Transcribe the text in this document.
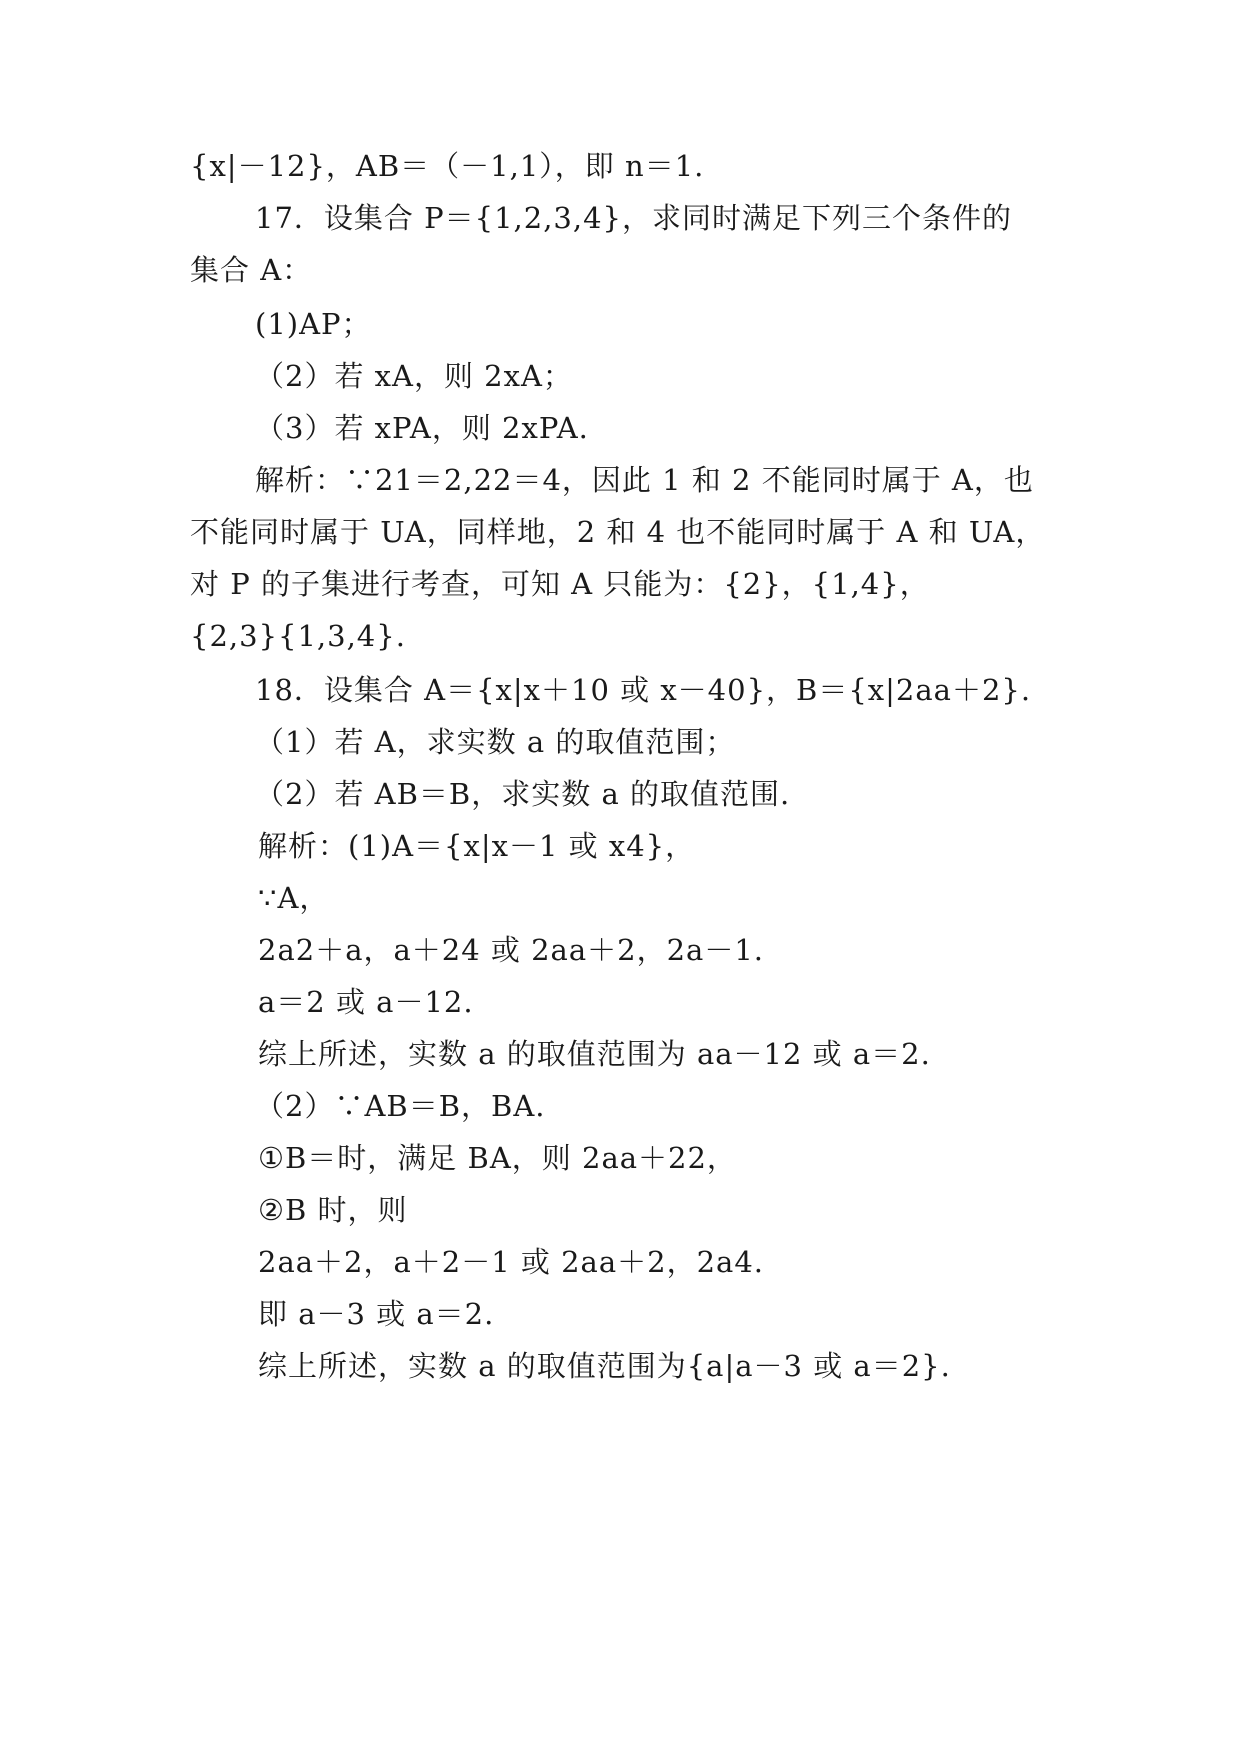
{x|－12}，AB＝（－1,1），即 n＝1.
17．设集合 P＝{1,2,3,4}，求同时满足下列三个条件的
集合 A：
(1)AP；
（2）若 xA，则 2xA；
（3）若 xPA，则 2xPA.
解析：∵21＝2,22＝4，因此 1 和 2 不能同时属于 A，也
不能同时属于 UA，同样地，2 和 4 也不能同时属于 A 和 UA，
对 P 的子集进行考查，可知 A 只能为：{2}，{1,4}，
{2,3}{1,3,4}.
18．设集合 A＝{x|x＋10 或 x－40}，B＝{x|2aa＋2}.
（1）若 A，求实数 a 的取值范围；
（2）若 AB＝B，求实数 a 的取值范围.
解析：(1)A＝{x|x－1 或 x4}，
∵A，
2a2＋a，a＋24 或 2aa＋2，2a－1.
a＝2 或 a－12.
综上所述，实数 a 的取值范围为 aa－12 或 a＝2.
（2）∵AB＝B，BA.
①B＝时，满足 BA，则 2aa＋22，
②B 时，则
2aa＋2，a＋2－1 或 2aa＋2，2a4.
即 a－3 或 a＝2.
综上所述，实数 a 的取值范围为{a|a－3 或 a＝2}.
